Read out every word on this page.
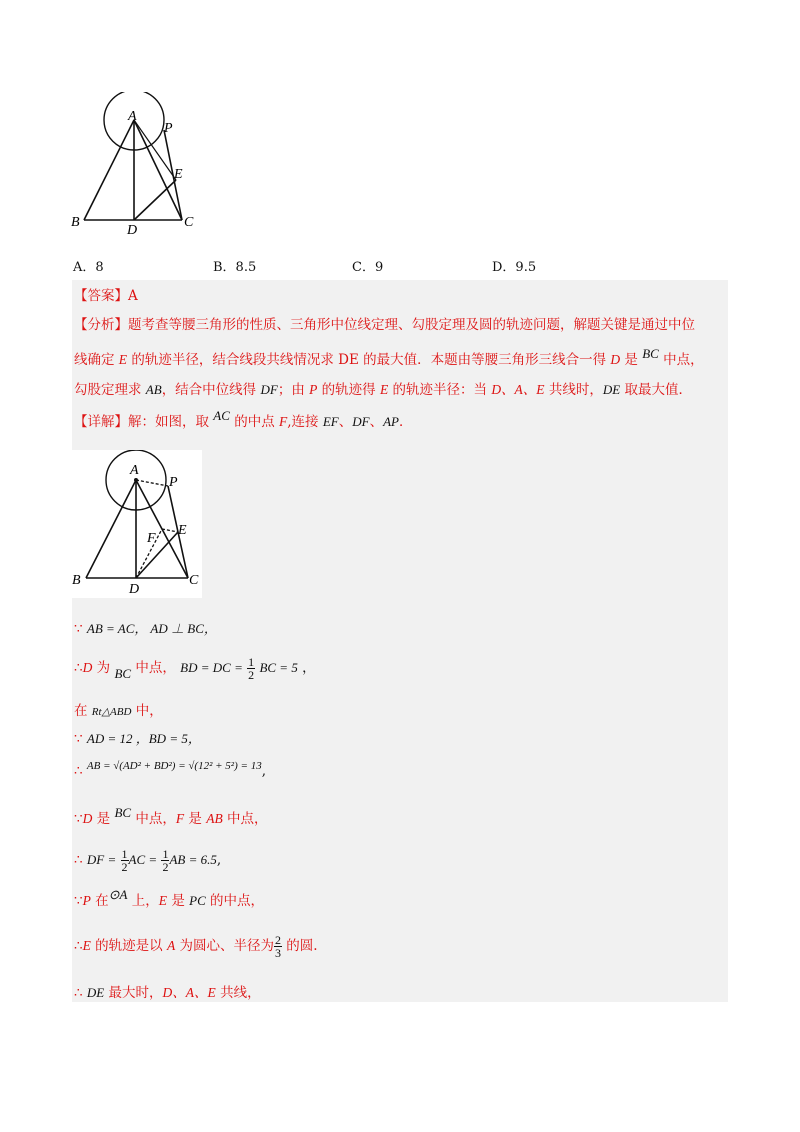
A
P
E
B
D
C
A．8	B．8.5	C．9	D．9.5
【答案】A
【分析】题考查等腰三角形的性质、三角形中位线定理、勾股定理及圆的轨迹问题，解题关键是通过中位
线确定 E 的轨迹半径，结合线段共线情况求 DE 的最大值．本题由等腰三角形三线合一得 D 是 BC 中点，
勾股定理求 AB，结合中位线得 DF；由 P 的轨迹得 E 的轨迹半径：当 D、A、E 共线时，DE 取最大值．
【详解】解：如图，取 AC 的中点 F,连接 EF、DF、AP．
A
P
E
F
B
D
C
∵ AB = AC， AD ⊥ BC，
∴D 为 BC 中点， BD = DC = $\frac{1}{2}$ BC = 5 ，
在 Rt△ABD 中，
∵ AD = 12 ，BD = 5，
∴ $^{AB = √(AD^2 + BD^2) = √(12^2 + 5^2) = 13}$,
∵D 是 BC 中点，F 是 AB 中点，
∴ DF = $\frac{1}{2}$ AC = $\frac{1}{2}$ AB = 6.5,
∵P 在⊙A 上，E 是 PC 的中点，
∴E 的轨迹是以 A 为圆心、半径为 $\frac{2}{3}$ 的圆.
∴ DE 最大时，D、A、E 共线，
